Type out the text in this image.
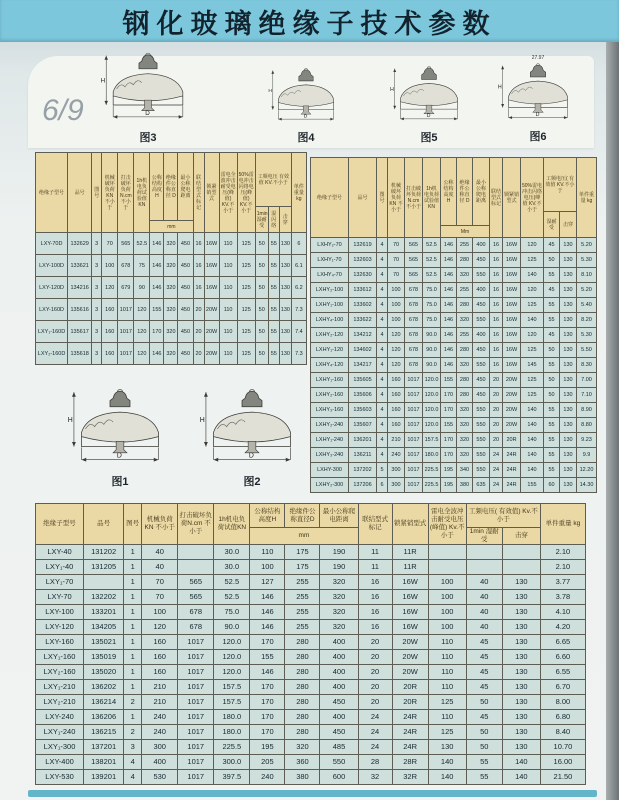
钢化玻璃绝缘子技术参数
6/9
图3	图4	图5
27.97
图6
图1	图2
绝缘子型号	品号	图号	机械破坏负荷 KN 不小于	打击破坏负荷 N.cm 不小于	1h机电负荷试验值 KN	公称结构高度 H	绝缘件公称直径 D	最小公称爬电距离	联结型式标记	锁紧销型式	雷电全波冲击耐受电压(峰值) KV.不小于	50%雷电冲击闪络电压(峰值) KV.不小于	工频电压 有效值 KV.不小于			单件重量 kg
													1min湿耐受	湿闪络	击穿	
						mm										
LXY-70D	132629	3	70	565	52.5	146	320	450	16	16W	110	125	50	55	130	6
LXY-100D	133621	3	100	678	75	146	320	450	16	16W	110	125	50	55	130	6.1
LXY-120D	134216	3	120	679	90	146	320	450	16	16W	110	125	50	55	130	6.2
LXY-160D	135616	3	160	1017	120	155	320	450	20	20W	110	125	50	55	130	7.3
LXY₁-160D	135617	3	160	1017	120	170	320	450	20	20W	110	125	50	55	130	7.4
LXY₂-160D	135618	3	160	1017	120	146	320	450	20	20W	110	125	50	55	130	7.3
绝缘子型号	品号	图号	机械破坏负荷 KN 不小于	打击破坏负荷 N.cm 不小于	1h机电负荷试验值 KN	公称结构高度 H	绝缘件公称直径 D	最小公称爬电距离	联结型式标记	锁紧销型式	50%雷电冲击闪络电压(峰值 KV.不小于	工频电压( 有效值 KV.不小于		单件重量 kg
												湿耐受	击穿	
						Mm								
LXHY₂-70	132619	4	70	565	52.5	146	255	400	16	16W	120	45	130	5.20
LXHY₁-70	132603	4	70	565	52.5	146	280	450	16	16W	125	50	130	5.30
LXHY₄-70	132630	4	70	565	52.5	146	320	550	16	16W	140	55	130	8.10
LXHY₂-100	133612	4	100	678	75.0	146	255	400	16	16W	120	45	130	5.20
LXHY₁-100	133602	4	100	678	75.0	146	280	450	16	16W	125	55	130	5.40
LXHY₄-100	133622	4	100	678	75.0	146	320	550	16	16W	140	55	130	8.20
LXHY₂-120	134212	4	120	678	90.0	146	255	400	16	16W	120	45	130	5.30
LXHY₁-120	134602	4	120	678	90.0	146	280	450	16	16W	125	50	130	5.50
LXHY₄-120	134217	4	120	678	90.0	146	320	550	16	16W	145	55	130	8.30
LXHY₁-160	135605	4	160	1017	120.0	155	280	450	20	20W	125	50	130	7.00
LXHY₂-160	135606	4	160	1017	120.0	170	280	450	20	20W	125	50	130	7.10
LXHY₃-160	135603	4	160	1017	120.0	170	320	550	20	20W	140	55	130	8.90
LXHY₂-240	135607	4	160	1017	120.0	155	320	550	20	20W	140	55	130	8.80
LXHY₁-240	136201	4	210	1017	157.5	170	320	550	20	20R	140	55	130	9.23
LXHY₃-240	136211	4	240	1017	180.0	170	320	550	24	24R	140	55	130	9.9
LXHY-300	137202	5	300	1017	225.5	195	340	550	24	24R	140	55	130	12.20
LXHY₂-300	137206	6	300	1017	225.5	195	380	635	24	24R	155	60	130	14.30
绝缘子型号	品号	图号	机械负荷KN 不小于	打击破坏负荷N.cm 不小于	1h机电负荷试值KN	公称结构高度H	绝缘件公称直径D	最小公称爬电距离	联结型式标记	锁紧销型式	雷电全波冲击耐受电压(峰值) Kv.不小于	工频电压( 有效值) Kv.不小于		单件重量 kg
						mm						1min 湿耐受	击穿	
LXY-40	131202	1	40		30.0	110	175	190	11	11R				2.10
LXY₁-40	131205	1	40		30.0	100	175	190	11	11R				2.10
LXY₁-70		1	70	565	52.5	127	255	320	16	16W	100	40	130	3.77
LXY-70	132202	1	70	565	52.5	146	255	320	16	16W	100	40	130	3.78
LXY-100	133201	1	100	678	75.0	146	255	320	16	16W	100	40	130	4.10
LXY-120	134205	1	120	678	90.0	146	255	320	16	16W	100	40	130	4.20
LXY-160	135021	1	160	1017	120.0	170	280	400	20	20W	110	45	130	6.65
LXY₁-160	135019	1	160	1017	120.0	155	280	400	20	20W	110	45	130	6.60
LXY₂-160	135020	1	160	1017	120.0	146	280	400	20	20W	110	45	130	6.55
LXY₁-210	136202	1	210	1017	157.5	170	280	400	20	20R	110	45	130	6.70
LXY₂-210	136214	2	210	1017	157.5	170	280	450	20	20R	125	50	130	8.00
LXY-240	136206	1	240	1017	180.0	170	280	400	24	24R	110	45	130	6.80
LXY₁-240	136215	2	240	1017	180.0	170	280	450	24	24R	125	50	130	8.40
LXY₁-300	137201	3	300	1017	225.5	195	320	485	24	24R	130	50	130	10.70
LXY-400	138201	4	400	1017	300.0	205	360	550	28	28R	140	55	140	16.00
LXY-530	139201	4	530	1017	397.5	240	380	600	32	32R	140	55	140	21.50
